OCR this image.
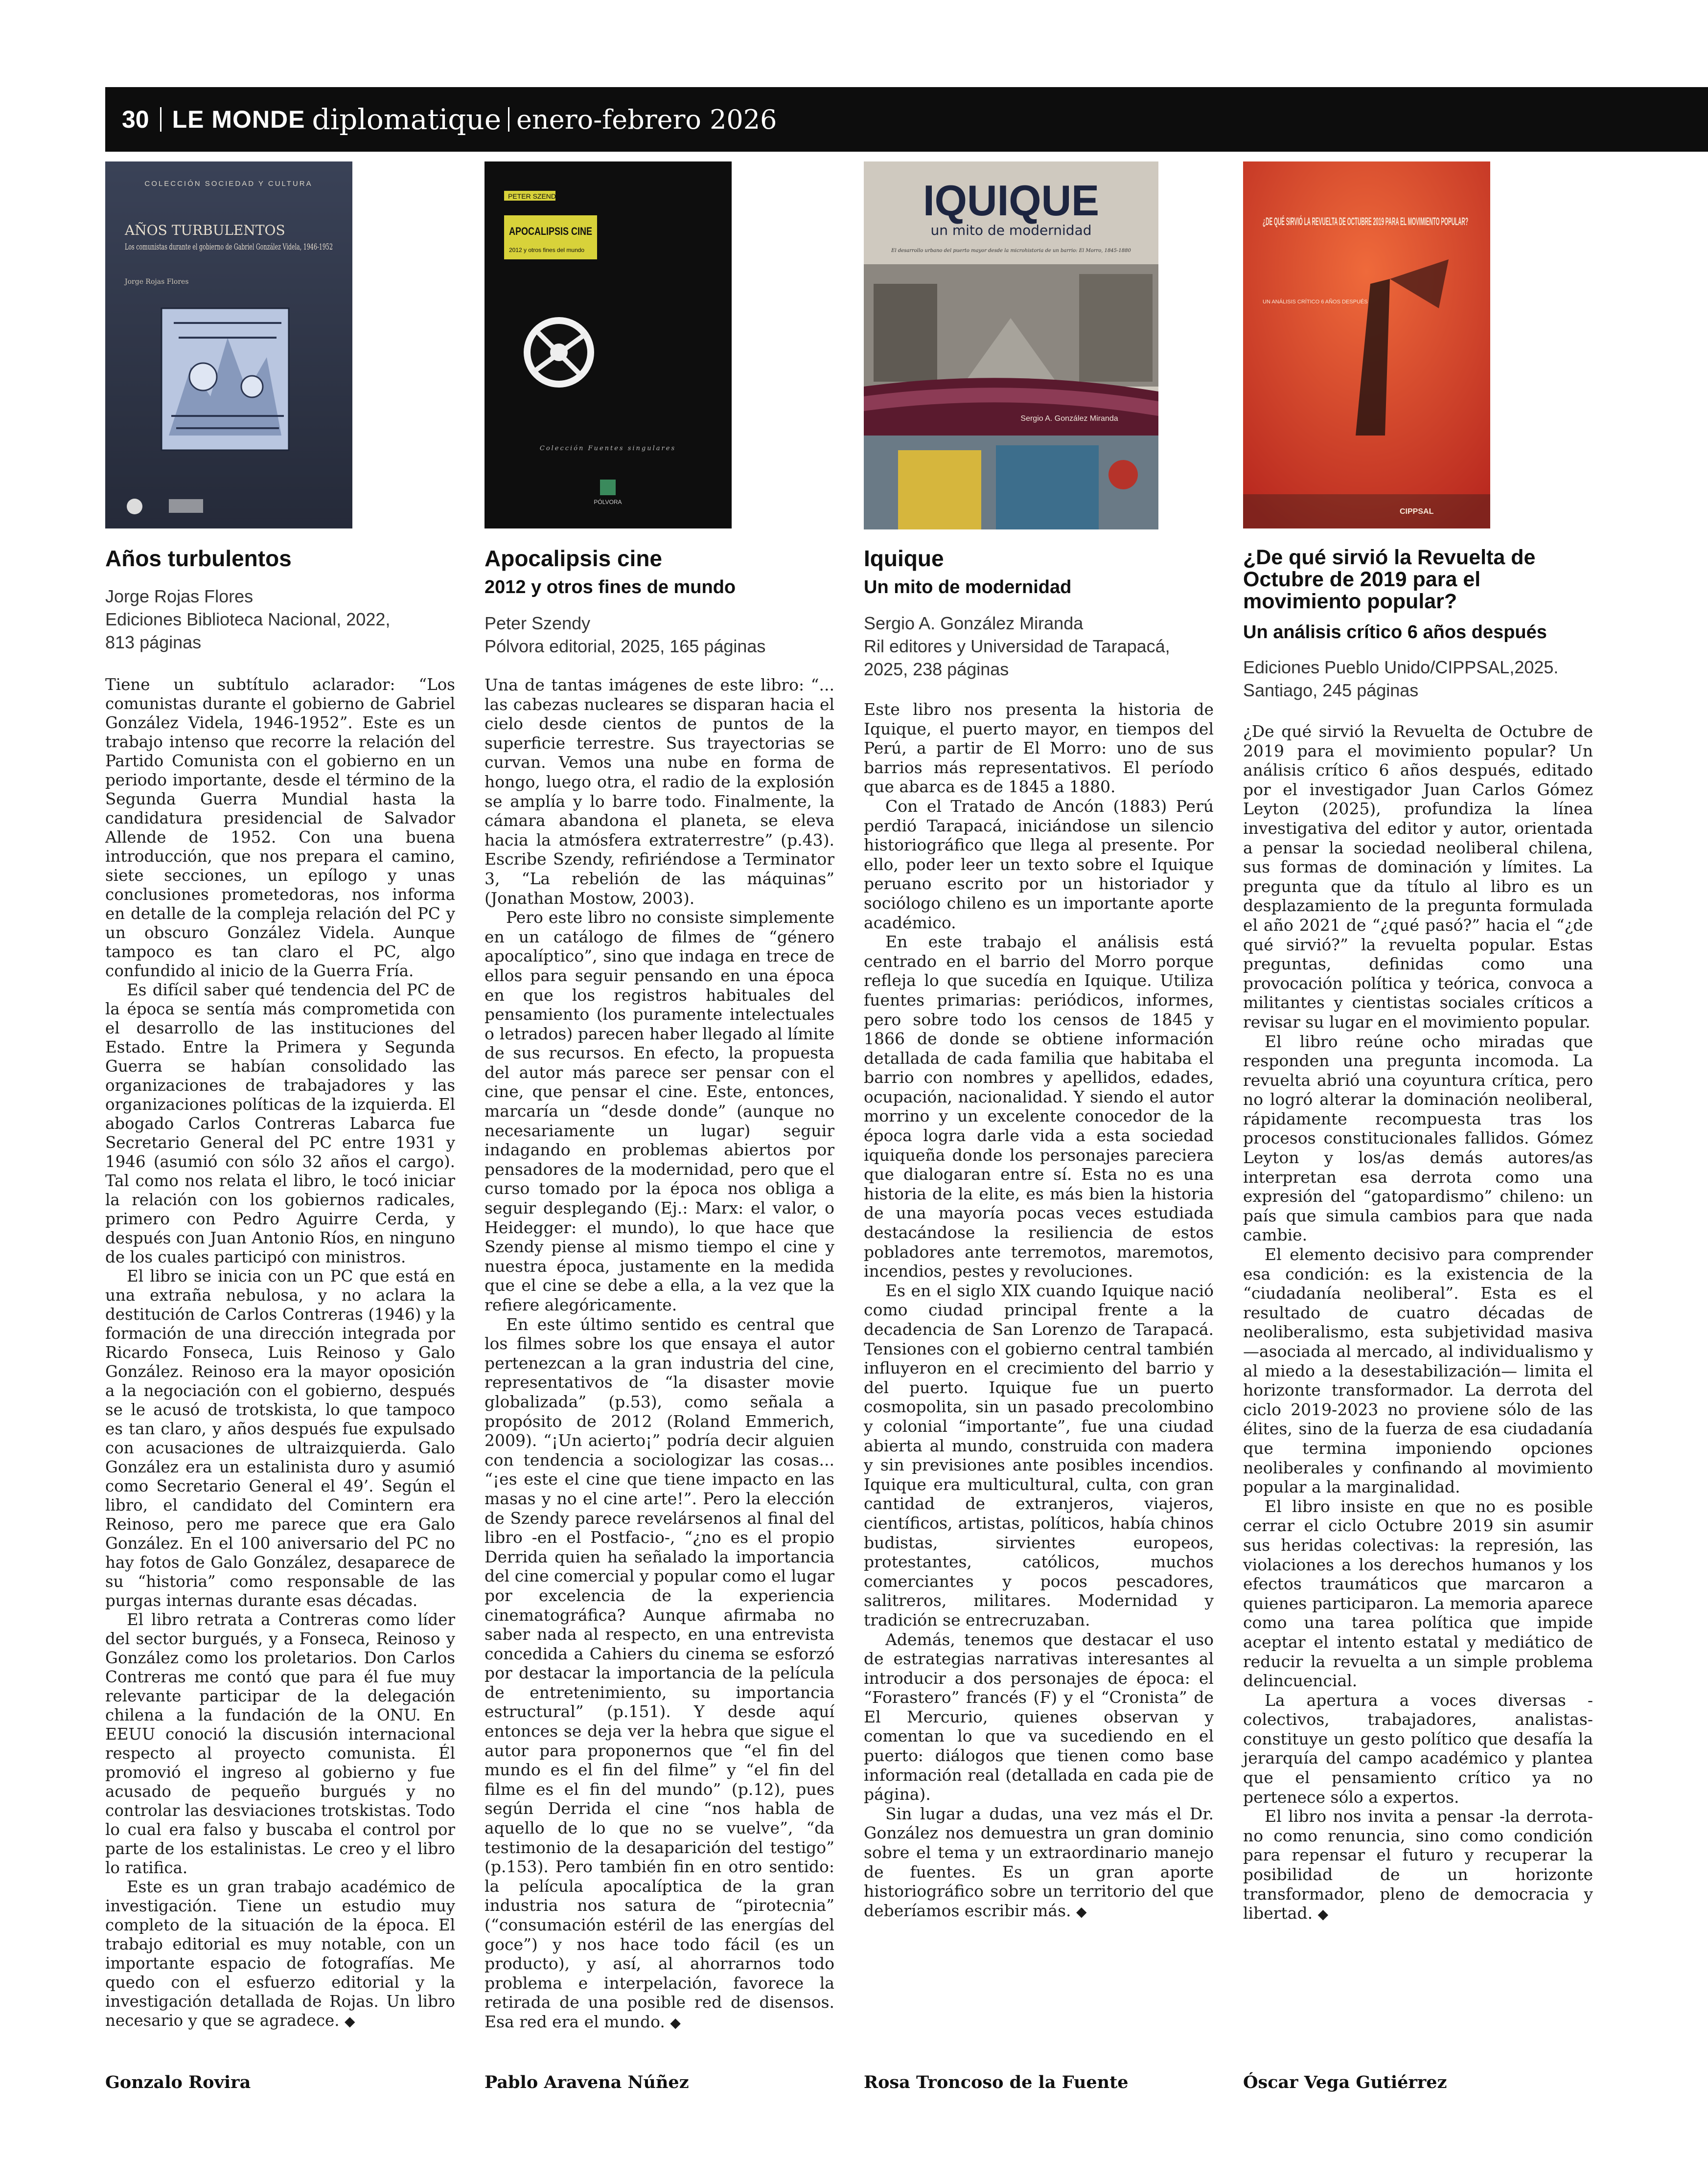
30 LE MONDE diplomatique enero-febrero 2026
COLECCIÓN SOCIEDAD Y CULTURA
AÑOS TURBULENTOS
Los comunistas durante el gobierno de Gabriel González Videla, 1946-1952
Jorge Rojas Flores
Años turbulentos
Jorge Rojas Flores
Ediciones Biblioteca Nacional, 2022,
813 páginas

Tiene un subtítulo aclarador: “Los comunistas durante el gobierno de Gabriel González Videla, 1946-1952”. Este es un trabajo intenso que recorre la relación del Partido Comunista con el gobierno en un periodo importante, desde el término de la Segunda Guerra Mundial hasta la candidatura presidencial de Salvador Allende de 1952. Con una buena introducción, que nos prepara el camino, siete secciones, un epílogo y unas conclusiones prometedoras, nos informa en detalle de la compleja relación del PC y un obscuro González Videla. Aunque tampoco es tan claro el PC, algo confundido al inicio de la Guerra Fría.

Es difícil saber qué tendencia del PC de la época se sentía más comprometida con el desarrollo de las instituciones del Estado. Entre la Primera y Segunda Guerra se habían consolidado las organizaciones de trabajadores y las organizaciones políticas de la izquierda. El abogado Carlos Contreras Labarca fue Secretario General del PC entre 1931 y 1946 (asumió con sólo 32 años el cargo). Tal como nos relata el libro, le tocó iniciar la relación con los gobiernos radicales, primero con Pedro Aguirre Cerda, y después con Juan Antonio Ríos, en ninguno de los cuales participó con ministros.

El libro se inicia con un PC que está en una extraña nebulosa, y no aclara la destitución de Carlos Contreras (1946) y la formación de una dirección integrada por Ricardo Fonseca, Luis Reinoso y Galo González. Reinoso era la mayor oposición a la negociación con el gobierno, después se le acusó de trotskista, lo que tampoco es tan claro, y años después fue expulsado con acusaciones de ultraizquierda. Galo González era un estalinista duro y asumió como Secretario General el 49’. Según el libro, el candidato del Comintern era Reinoso, pero me parece que era Galo González. En el 100 aniversario del PC no hay fotos de Galo González, desaparece de su “historia” como responsable de las purgas internas durante esas décadas.

El libro retrata a Contreras como líder del sector burgués, y a Fonseca, Reinoso y González como los proletarios. Don Carlos Contreras me contó que para él fue muy relevante participar de la delegación chilena a la fundación de la ONU. En EEUU conoció la discusión internacional respecto al proyecto comunista. Él promovió el ingreso al gobierno y fue acusado de pequeño burgués y no controlar las desviaciones trotskistas. Todo lo cual era falso y buscaba el control por parte de los estalinistas. Le creo y el libro lo ratifica.

Este es un gran trabajo académico de investigación. Tiene un estudio muy completo de la situación de la época. El trabajo editorial es muy notable, con un importante espacio de fotografías. Me quedo con el esfuerzo editorial y la investigación detallada de Rojas. Un libro necesario y que se agradece. ◆

Gonzalo Rovira
PETER SZENDY
APOCALIPSIS CINE
2012 y otros fines del mundo
Colección Fuentes singulares
PÓLVORA
Apocalipsis cine
2012 y otros fines de mundo
Peter Szendy
Pólvora editorial, 2025, 165 páginas

Una de tantas imágenes de este libro: “... las cabezas nucleares se disparan hacia el cielo desde cientos de puntos de la superficie terrestre. Sus trayectorias se curvan. Vemos una nube en forma de hongo, luego otra, el radio de la explosión se amplía y lo barre todo. Finalmente, la cámara abandona el planeta, se eleva hacia la atmósfera extraterrestre” (p.43). Escribe Szendy, refiriéndose a Terminator 3, “La rebelión de las máquinas” (Jonathan Mostow, 2003).

Pero este libro no consiste simplemente en un catálogo de filmes de “género apocalíptico”, sino que indaga en trece de ellos para seguir pensando en una época en que los registros habituales del pensamiento (los puramente intelectuales o letrados) parecen haber llegado al límite de sus recursos. En efecto, la propuesta del autor más parece ser pensar con el cine, que pensar el cine. Este, entonces, marcaría un “desde donde” (aunque no necesariamente un lugar) seguir indagando en problemas abiertos por pensadores de la modernidad, pero que el curso tomado por la época nos obliga a seguir desplegando (Ej.: Marx: el valor, o Heidegger: el mundo), lo que hace que Szendy piense al mismo tiempo el cine y nuestra época, justamente en la medida que el cine se debe a ella, a la vez que la refiere alegóricamente.

En este último sentido es central que los filmes sobre los que ensaya el autor pertenezcan a la gran industria del cine, representativos de “la disaster movie globalizada” (p.53), como señala a propósito de 2012 (Roland Emmerich, 2009). “¡Un acierto¡” podría decir alguien con tendencia a sociologizar las cosas... “¡es este el cine que tiene impacto en las masas y no el cine arte!”. Pero la elección de Szendy parece revelársenos al final del libro -en el Postfacio-, “¿no es el propio Derrida quien ha señalado la importancia del cine comercial y popular como el lugar por excelencia de la experiencia cinematográfica? Aunque afirmaba no saber nada al respecto, en una entrevista concedida a Cahiers du cinema se esforzó por destacar la importancia de la película de entretenimiento, su importancia estructural” (p.151). Y desde aquí entonces se deja ver la hebra que sigue el autor para proponernos que “el fin del mundo es el fin del filme” y “el fin del filme es el fin del mundo” (p.12), pues según Derrida el cine “nos habla de aquello de lo que no se vuelve”, “da testimonio de la desaparición del testigo” (p.153). Pero también fin en otro sentido: la película apocalíptica de la gran industria nos satura de “pirotecnia” (“consumación estéril de las energías del goce”) y nos hace todo fácil (es un producto), y así, al ahorrarnos todo problema e interpelación, favorece la retirada de una posible red de disensos. Esa red era el mundo. ◆

Pablo Aravena Núñez
IQUIQUE
un mito de modernidad
El desarrollo urbano del puerto mayor desde la microhistoria de un barrio: El Morro, 1845-1880
Sergio A. González Miranda
Iquique
Un mito de modernidad
Sergio A. González Miranda
Ril editores y Universidad de Tarapacá,
2025, 238 páginas

Este libro nos presenta la historia de Iquique, el puerto mayor, en tiempos del Perú, a partir de El Morro: uno de sus barrios más representativos. El período que abarca es de 1845 a 1880.

Con el Tratado de Ancón (1883) Perú perdió Tarapacá, iniciándose un silencio historiográfico que llega al presente. Por ello, poder leer un texto sobre el Iquique peruano escrito por un historiador y sociólogo chileno es un importante aporte académico.

En este trabajo el análisis está centrado en el barrio del Morro porque refleja lo que sucedía en Iquique. Utiliza fuentes primarias: periódicos, informes, pero sobre todo los censos de 1845 y 1866 de donde se obtiene información detallada de cada familia que habitaba el barrio con nombres y apellidos, edades, ocupación, nacionalidad. Y siendo el autor morrino y un excelente conocedor de la época logra darle vida a esta sociedad iquiqueña donde los personajes pareciera que dialogaran entre sí. Esta no es una historia de la elite, es más bien la historia de una mayoría pocas veces estudiada destacándose la resiliencia de estos pobladores ante terremotos, maremotos, incendios, pestes y revoluciones.

Es en el siglo XIX cuando Iquique nació como ciudad principal frente a la decadencia de San Lorenzo de Tarapacá. Tensiones con el gobierno central también influyeron en el crecimiento del barrio y del puerto. Iquique fue un puerto cosmopolita, sin un pasado precolombino y colonial “importante”, fue una ciudad abierta al mundo, construida con madera y sin previsiones ante posibles incendios. Iquique era multicultural, culta, con gran cantidad de extranjeros, viajeros, científicos, artistas, políticos, había chinos budistas, sirvientes europeos, protestantes, católicos, muchos comerciantes y pocos pescadores, salitreros, militares. Modernidad y tradición se entrecruzaban.

Además, tenemos que destacar el uso de estrategias narrativas interesantes al introducir a dos personajes de época: el “Forastero” francés (F) y el “Cronista” de El Mercurio, quienes observan y comentan lo que va sucediendo en el puerto: diálogos que tienen como base información real (detallada en cada pie de página).

Sin lugar a dudas, una vez más el Dr. González nos demuestra un gran dominio sobre el tema y un extraordinario manejo de fuentes. Es un gran aporte historiográfico sobre un territorio del que deberíamos escribir más. ◆

Rosa Troncoso de la Fuente
¿DE QUÉ SIRVIÓ LA REVUELTA DE OCTUBRE 2019 PARA EL MOVIMIENTO POPULAR?
UN ANÁLISIS CRÍTICO 6 AÑOS DESPUÉS
CIPPSAL
¿De qué sirvió la Revuelta de Octubre de 2019 para el movimiento popular?
Un análisis crítico 6 años después
Ediciones Pueblo Unido/CIPPSAL,2025.
Santiago, 245 páginas

¿De qué sirvió la Revuelta de Octubre de 2019 para el movimiento popular? Un análisis crítico 6 años después, editado por el investigador Juan Carlos Gómez Leyton (2025), profundiza la línea investigativa del editor y autor, orientada a pensar la sociedad neoliberal chilena, sus formas de dominación y límites. La pregunta que da título al libro es un desplazamiento de la pregunta formulada el año 2021 de “¿qué pasó?” hacia el “¿de qué sirvió?” la revuelta popular. Estas preguntas, definidas como una provocación política y teórica, convoca a militantes y cientistas sociales críticos a revisar su lugar en el movimiento popular.

El libro reúne ocho miradas que responden una pregunta incomoda. La revuelta abrió una coyuntura crítica, pero no logró alterar la dominación neoliberal, rápidamente recompuesta tras los procesos constitucionales fallidos. Gómez Leyton y los/as demás autores/as interpretan esa derrota como una expresión del “gatopardismo” chileno: un país que simula cambios para que nada cambie.

El elemento decisivo para comprender esa condición: es la existencia de la “ciudadanía neoliberal”. Esta es el resultado de cuatro décadas de neoliberalismo, esta subjetividad masiva —asociada al mercado, al individualismo y al miedo a la desestabilización— limita el horizonte transformador. La derrota del ciclo 2019-2023 no proviene sólo de las élites, sino de la fuerza de esa ciudadanía que termina imponiendo opciones neoliberales y confinando al movimiento popular a la marginalidad.

El libro insiste en que no es posible cerrar el ciclo Octubre 2019 sin asumir sus heridas colectivas: la represión, las violaciones a los derechos humanos y los efectos traumáticos que marcaron a quienes participaron. La memoria aparece como una tarea política que impide aceptar el intento estatal y mediático de reducir la revuelta a un simple problema delincuencial.

La apertura a voces diversas -colectivos, trabajadores, analistas- constituye un gesto político que desafía la jerarquía del campo académico y plantea que el pensamiento crítico ya no pertenece sólo a expertos.

El libro nos invita a pensar -la derrota- no como renuncia, sino como condición para repensar el futuro y recuperar la posibilidad de un horizonte transformador, pleno de democracia y libertad. ◆

Óscar Vega Gutiérrez
